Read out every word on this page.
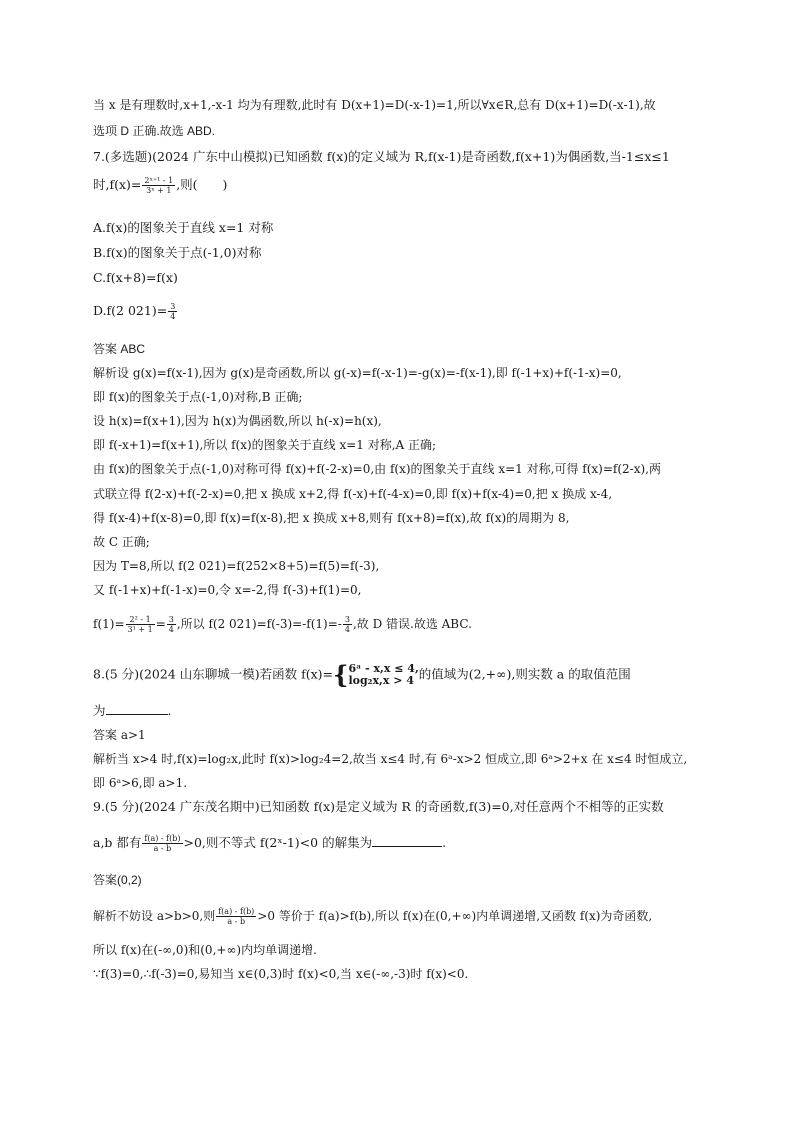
当 x 是有理数时,x+1,-x-1 均为有理数,此时有 D(x+1)=D(-x-1)=1,所以∀x∈R,总有 D(x+1)=D(-x-1),故
选项 D 正确.故选 ABD.
7.(多选题)(2024 广东中山模拟)已知函数 f(x)的定义域为 R,f(x-1)是奇函数,f(x+1)为偶函数,当-1≤x≤1
时$,f(x)= \frac{\text{2ˣ⁺¹ - 1}}{\text{3ˣ + 1}}$ ,则(　　)
A.f(x)的图象关于直线 x=1 对称
B.f(x)的图象关于点(-1,0)对称
C.f(x+8)=f(x)
D.f(2 $021)= \frac{3}{4}$
答案 ABC
解析设 g(x)=f(x-1),因为 g(x)是奇函数,所以 g(-x)=f(-x-1)=-g(x)=-f(x-1),即 f(-1+x)+f(-1-x)=0,
即 f(x)的图象关于点(-1,0)对称,B 正确;
设 h(x)=f(x+1),因为 h(x)为偶函数,所以 h(-x)=h(x),
即 f(-x+1)=f(x+1),所以 f(x)的图象关于直线 x=1 对称,A 正确;
由 f(x)的图象关于点(-1,0)对称可得 f(x)+f(-2-x)=0,由 f(x)的图象关于直线 x=1 对称,可得 f(x)=f(2-x),两
式联立得 f(2-x)+f(-2-x)=0,把 x 换成 x+2,得 f(-x)+f(-4-x)=0,即 f(x)+f(x-4)=0,把 x 换成 x-4,
得 f(x-4)+f(x-8)=0,即 f(x)=f(x-8),把 x 换成 x+8,则有 f(x+8)=f(x),故 f(x)的周期为 8,
故 C 正确;
因为 T=8,所以 f(2 021)=f(252×8+5)=f(5)=f(-3),
又 f(-1+x)+f(-1-x)=0,令 x=-2,得 f(-3)+f(1)=0,
$f(1)= \frac{\text{2² - 1}}{\text{3¹ + 1}} = \frac{3}{4}$ ,所以 f(2 $021)=f(-3)=-f(1)=- \frac{3}{4}$ ,故 D 错误.故选 ABC.
8.(5 分)(2024 山东聊城一模)若函数 f(x)={ 6ᵃ - x,x ≤ 4,
log₂x,x > 4 的值域为(2,+∞),则实数 a 的取值范围
为	.
答案 a>1
解析当 x>4 时,f(x)=log₂x,此时 f(x)>log₂4=2,故当 x≤4 时,有 6ᵃ-x>2 恒成立,即 6ᵃ>2+x 在 x≤4 时恒成立,
即 6ᵃ>6,即 a>1.
9.(5 分)(2024 广东茂名期中)已知函数 f(x)是定义域为 R 的奇函数,f(3)=0,对任意两个不相等的正实数
a,b 都有 $\frac{f(a) - f(b)}{a - b} >0$,则不等式 f(2ˣ-1)<0 的解集为	.
答案(0,2)
解析不妨设 a>b>0,则 $\frac{f(a) - f(b)}{a - b} >0$ 等价于 f(a)>f(b),所以 f(x)在(0,+∞)内单调递增,又函数 f(x)为奇函数,
所以 f(x)在(-∞,0)和(0,+∞)内均单调递增.
∵f(3)=0,∴f(-3)=0,易知当 x∈(0,3)时 f(x)<0,当 x∈(-∞,-3)时 f(x)<0.
